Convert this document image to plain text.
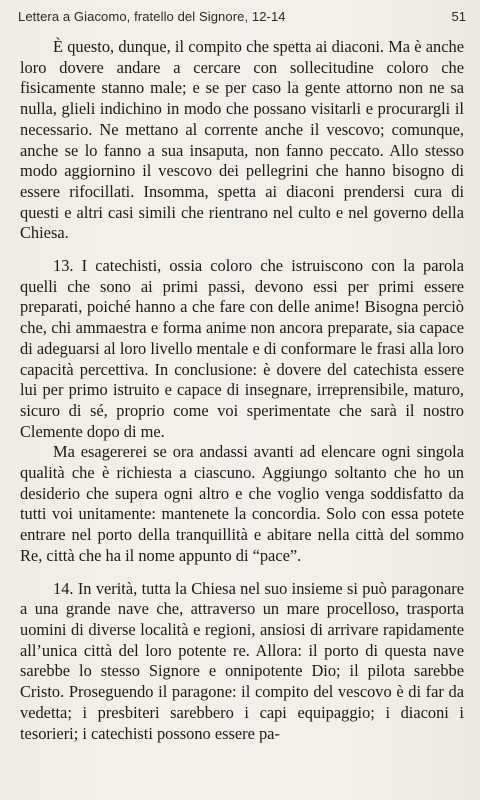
Lettera a Giacomo, fratello del Signore, 12-14	51

È questo, dunque, il compito che spetta ai diaconi. Ma è anche loro dovere andare a cercare con sollecitudine coloro che fisicamente stanno male; e se per caso la gente attorno non ne sa nulla, glieli indichino in modo che possano visitarli e procurargli il necessario. Ne mettano al corrente anche il vescovo; comunque, anche se lo fanno a sua insaputa, non fanno peccato. Allo stesso modo aggiornino il vescovo dei pellegrini che hanno bisogno di essere rifocillati. Insomma, spetta ai diaconi prendersi cura di questi e altri casi simili che rientrano nel culto e nel governo della Chiesa.

13. I catechisti, ossia coloro che istruiscono con la parola quelli che sono ai primi passi, devono essi per primi essere preparati, poiché hanno a che fare con delle anime! Bisogna perciò che, chi ammaestra e forma anime non ancora preparate, sia capace di adeguarsi al loro livello mentale e di conformare le frasi alla loro capacità percettiva. In conclusione: è dovere del catechista essere lui per primo istruito e capace di insegnare, irreprensibile, maturo, sicuro di sé, proprio come voi sperimentate che sarà il nostro Clemente dopo di me.

Ma esagererei se ora andassi avanti ad elencare ogni singola qualità che è richiesta a ciascuno. Aggiungo soltanto che ho un desiderio che supera ogni altro e che voglio venga soddisfatto da tutti voi unitamente: mantenete la concordia. Solo con essa potete entrare nel porto della tranquillità e abitare nella città del sommo Re, città che ha il nome appunto di “pace”.

14. In verità, tutta la Chiesa nel suo insieme si può paragonare a una grande nave che, attraverso un mare procelloso, trasporta uomini di diverse località e regioni, ansiosi di arrivare rapidamente all’unica città del loro potente re. Allora: il porto di questa nave sarebbe lo stesso Signore e onnipotente Dio; il pilota sarebbe Cristo. Proseguendo il paragone: il compito del vescovo è di far da vedetta; i presbiteri sarebbero i capi equipaggio; i diaconi i tesorieri; i catechisti possono essere pa-
